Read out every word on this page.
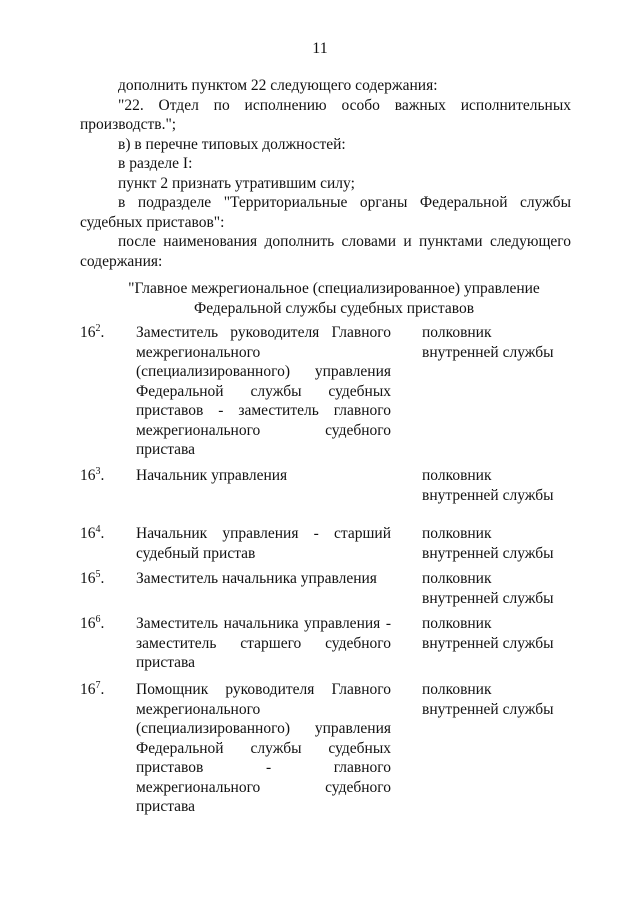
11

дополнить пунктом 22 следующего содержания:

"22. Отдел по исполнению особо важных исполнительных производств.";

в) в перечне типовых должностей:

в разделе I:

пункт 2 признать утратившим силу;

в подразделе "Территориальные органы Федеральной службы судебных приставов":

после наименования дополнить словами и пунктами следующего содержания:

"Главное межрегиональное (специализированное) управление
Федеральной службы судебных приставов
$16^2$. Заместитель руководителя Главного межрегионального (специализированного) управления Федеральной службы судебных приставов - заместитель главного межрегионального судебного пристава
полковник
внутренней службы
$16^3$. Начальник управления	полковник
внутренней службы
$16^4$. Начальник управления - старший судебный пристав
полковник
внутренней службы
$16^5$. Заместитель начальника управления	полковник
внутренней службы
$16^6$. Заместитель начальника управления - заместитель старшего судебного пристава
полковник
внутренней службы
$16^7$. Помощник руководителя Главного межрегионального (специализированного) управления Федеральной службы судебных приставов - главного межрегионального судебного пристава
полковник
внутренней службы
